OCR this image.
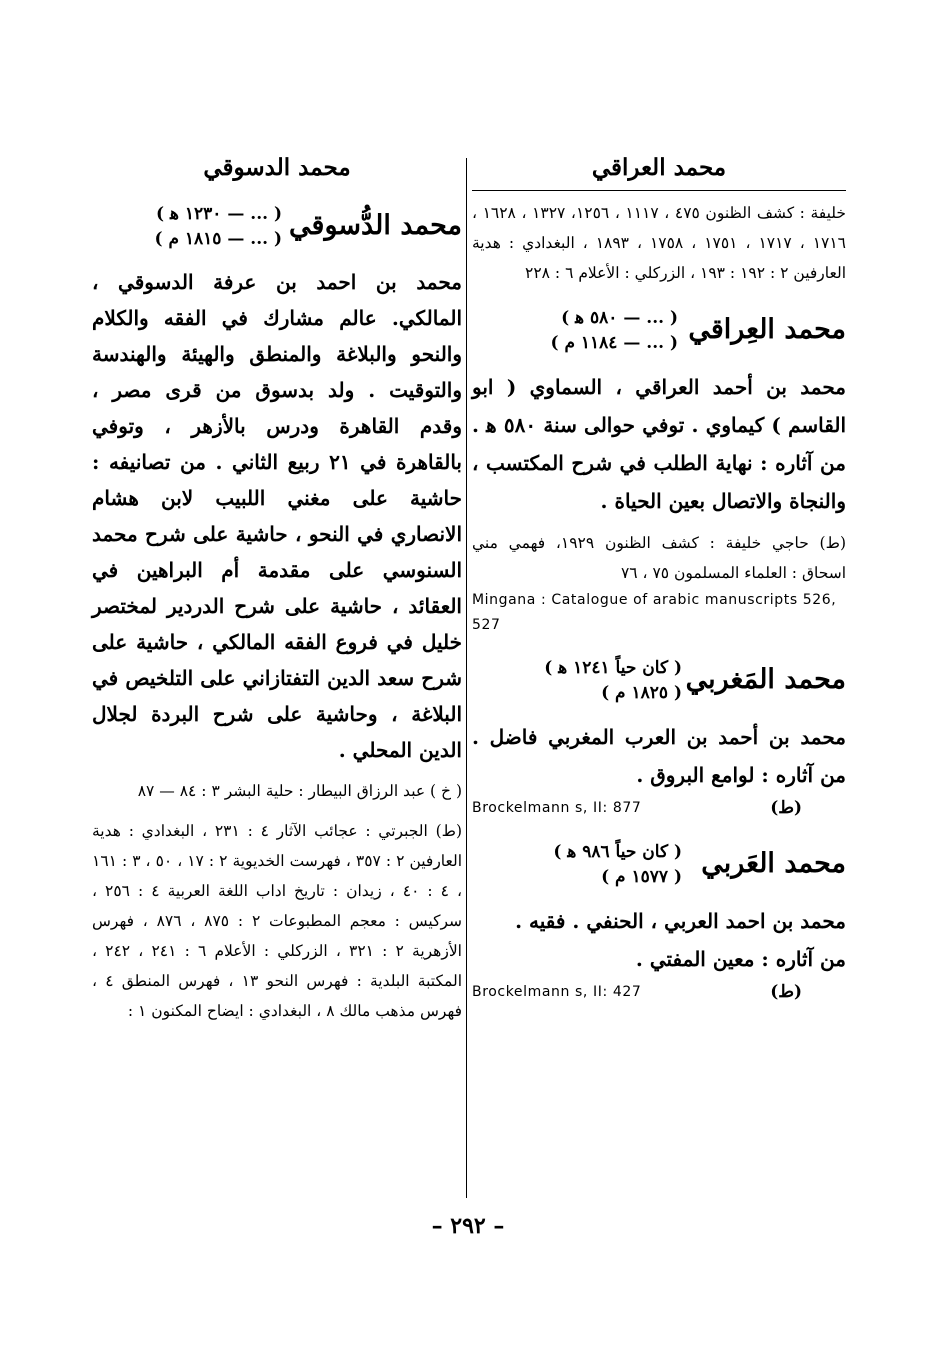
محمد العراقي

خليفة : كشف الظنون ٤٧٥ ، ١١١٧ ، ١٢٥٦، ١٣٢٧ ، ١٦٢٨ ، ١٧١٦ ، ١٧١٧ ، ١٧٥١ ، ١٧٥٨ ، ١٨٩٣ ، البغدادي : هدية العارفين ٢ : ١٩٢ : ١٩٣ ، الزركلي : الأعلام ٦ : ٢٢٨

محمد العِراقي
( ... — ٥٨٠ ﻫ )
( ... — ١١٨٤ م )

محمد بن أحمد العراقي ، السماوي ( ابو القاسم ) كيماوي . توفي حوالى سنة ٥٨٠ ﻫ . من آثاره : نهاية الطلب في شرح المكتسب ، والنجاة والاتصال بعين الحياة .

(ط) حاجي خليفة : كشف الظنون ١٩٢٩، فهمي مني اسحاق : العلماء المسلمون ٧٥ ، ٧٦

Mingana : Catalogue of arabic manuscripts 526, 527

محمد المَغربي
( كان حياً ١٢٤١ ﻫ )
( ١٨٢٥ م )

محمد بن أحمد بن العرب المغربي فاضل . من آثاره : لوامع البروق .

Brockelmann s, II: 877	(ط)
محمد العَربي
( كان حياً ٩٨٦ ﻫ )
( ١٥٧٧ م )

محمد بن احمد العربي ، الحنفي . فقيه .

من آثاره : معين المفتي .

Brockelmann s, II: 427	(ط)
محمد الدسوقي
محمد الدُّسوقي
( ... — ١٢٣٠ ﻫ )
( ... — ١٨١٥ م )

محمد بن احمد بن عرفة الدسوقي ، المالكي. عالم مشارك في الفقه والكلام والنحو والبلاغة والمنطق والهيئة والهندسة والتوقيت . ولد بدسوق من قرى مصر ، وقدم القاهرة ودرس بالأزهر ، وتوفي بالقاهرة في ٢١ ربيع الثاني . من تصانيفه : حاشية على مغني اللبيب لابن هشام الانصاري في النحو ، حاشية على شرح محمد السنوسي على مقدمة أم البراهين في العقائد ، حاشية على شرح الدردير لمختصر خليل في فروع الفقه المالكي ، حاشية على شرح سعد الدين التفتازاني على التلخيص في البلاغة ، وحاشية على شرح البردة لجلال الدين المحلي .

( خ ) عبد الرزاق البيطار : حلية البشر ٣ : ٨٤ — ٨٧

(ط) الجبرتي : عجائب الآثار ٤ : ٢٣١ ، البغدادي : هدية العارفين ٢ : ٣٥٧ ، فهرست الخديوية ٢ : ١٧ ، ٥٠ ، ٣ : ١٦١ ، ٤ : ٤٠ ، زيدان : تاريخ اداب اللغة العربية ٤ : ٢٥٦ ، سركيس : معجم المطبوعات ٢ : ٨٧٥ ، ٨٧٦ ، فهرس الأزهرية ٢ : ٣٢١ ، الزركلي : الأعلام ٦ : ٢٤١ ، ٢٤٢ ، المكتبة البلدية : فهرس النحو ١٣ ، فهرس المنطق ٤ ، فهرس مذهب مالك ٨ ، البغدادي : ايضاح المكنون ١ :

– ٢٩٢ –
